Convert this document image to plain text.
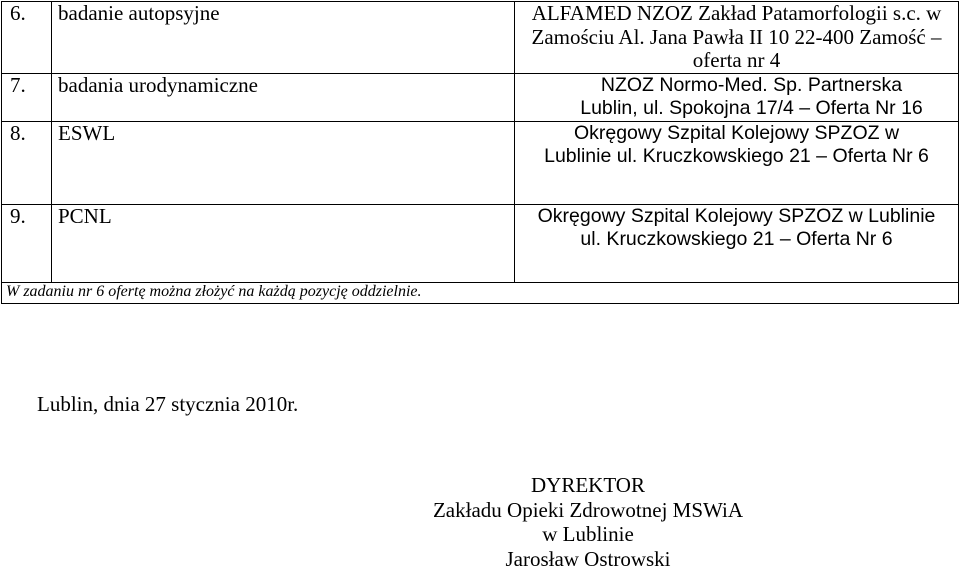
6.	badanie autopsyjne	ALFAMED NZOZ Zakład Patamorfologii s.c. w Zamościu Al. Jana Pawła II 10 22-400 Zamość – oferta nr 4
7.	badania urodynamiczne	NZOZ Normo-Med. Sp. Partnerska Lublin, ul. Spokojna 17/4 – Oferta Nr 16
8.	ESWL	Okręgowy Szpital Kolejowy SPZOZ w Lublinie ul. Kruczkowskiego 21 – Oferta Nr 6
9.	PCNL	Okręgowy Szpital Kolejowy SPZOZ w Lublinie ul. Kruczkowskiego 21 – Oferta Nr 6
W zadaniu nr 6 ofertę można złożyć na każdą pozycję oddzielnie.		
Lublin, dnia 27 stycznia 2010r.
DYREKTOR
Zakładu Opieki Zdrowotnej MSWiA
w Lublinie
Jarosław Ostrowski
